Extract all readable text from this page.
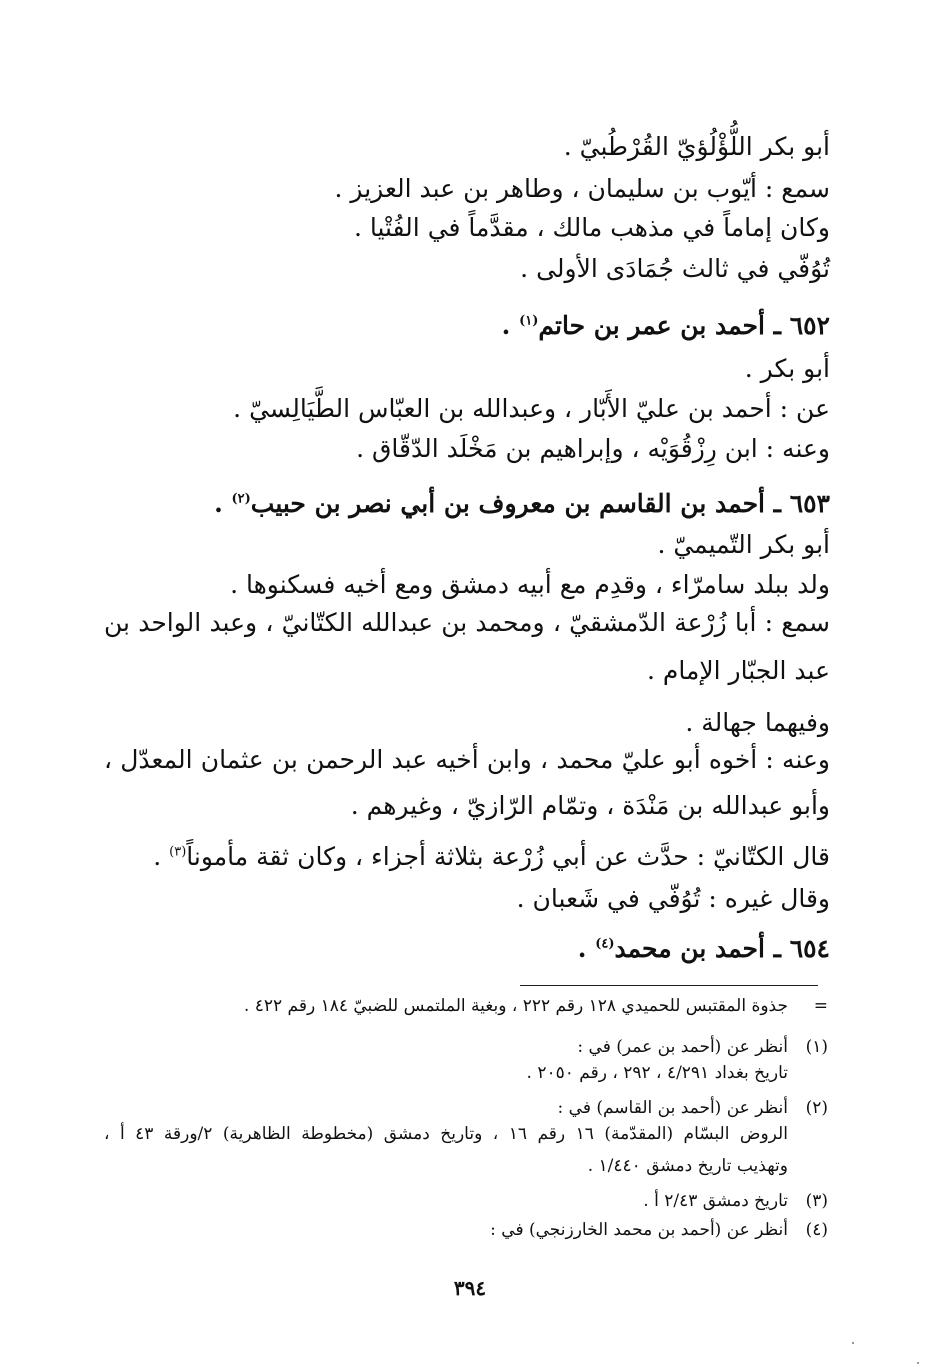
أبو بكر اللُّؤْلُؤيّ القُرْطُبيّ .
سمع : أيّوب بن سليمان ، وطاهر بن عبد العزيز .
وكان إماماً في مذهب مالك ، مقدَّماً في الفُتْيا .
تُوُفّي في ثالث جُمَادَى الأولى .
٦٥٢ ـ أحمد بن عمر بن حاتم$^{(١)}$ .
أبو بكر .
عن : أحمد بن عليّ الأَبّار ، وعبدالله بن العبّاس الطَّيَالِسيّ .
وعنه : ابن رِزْقُوَيْه ، وإبراهيم بن مَخْلَد الدّقّاق .
٦٥٣ ـ أحمد بن القاسم بن معروف بن أبي نصر بن حبيب$^{(٢)}$ .
أبو بكر التّميميّ .
ولد ببلد سامرّاء ، وقدِم مع أبيه دمشق ومع أخيه فسكنوها .
سمع : أبا زُرْعة الدّمشقيّ ، ومحمد بن عبدالله الكتّانيّ ، وعبد الواحد بن
عبد الجبّار الإمام .
وفيهما جهالة .
وعنه : أخوه أبو عليّ محمد ، وابن أخيه عبد الرحمن بن عثمان المعدّل ،
وأبو عبدالله بن مَنْدَة ، وتمّام الرّازيّ ، وغيرهم .
قال الكتّانيّ : حدَّث عن أبي زُرْعة بثلاثة أجزاء ، وكان ثقة مأموناً$^{(٣)}$ .
وقال غيره : تُوُفّي في شَعبان .
٦٥٤ ـ أحمد بن محمد$^{(٤)}$ .
=جذوة المقتبس للحميدي ١٢٨ رقم ٢٢٢ ، وبغية الملتمس للضبيّ ١٨٤ رقم ٤٢٢ .
(١)أنظر عن (أحمد بن عمر) في :
تاريخ بغداد ٤/٢٩١ ، ٢٩٢ ، رقم ٢٠٥٠ .
(٢)أنظر عن (أحمد بن القاسم) في :
الروض البسّام (المقدّمة) ١٦ رقم ١٦ ، وتاريخ دمشق (مخطوطة الظاهرية) ٢/ورقة ٤٣ أ ،
وتهذيب تاريخ دمشق ١/٤٤٠ .
(٣)تاريخ دمشق ٢/٤٣ أ .
(٤)أنظر عن (أحمد بن محمد الخارزنجي) في :
٣٩٤
